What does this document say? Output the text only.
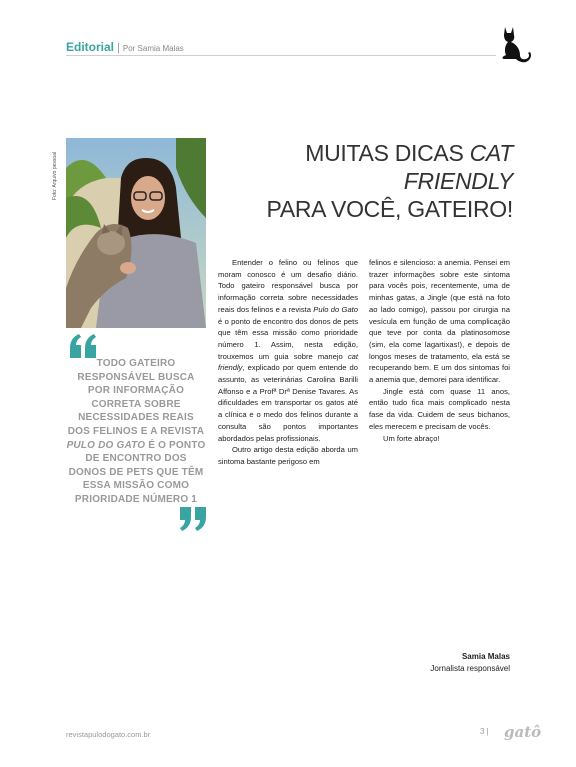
Editorial | Por Samia Malas
Foto: Arquivo pessoal	MUITAS DICAS CAT FRIENDLY
PARA VOCÊ, GATEIRO!
TODO GATEIRO RESPONSÁVEL BUSCA POR INFORMAÇÃO CORRETA SOBRE NECESSIDADES REAIS DOS FELINOS E A REVISTA PULO DO GATO É O PONTO DE ENCONTRO DOS DONOS DE PETS QUE TÊM ESSA MISSÃO COMO PRIORIDADE NÚMERO 1

Entender o felino ou felinos que moram conosco é um desafio diário. Todo gateiro responsável busca por informação correta sobre necessidades reais dos felinos e a revista Pulo do Gato é o ponto de encontro dos donos de pets que têm essa missão como prioridade número 1. Assim, nesta edição, trouxemos um guia sobre manejo cat friendly, explicado por quem entende do assunto, as veterinárias Carolina Barilli Affonso e a Profª Drª Denise Tavares. As dificuldades em transportar os gatos até a clínica e o medo dos felinos durante a consulta são pontos importantes abordados pelas profissionais.

Outro artigo desta edição aborda um sintoma bastante perigoso em

felinos e silencioso: a anemia. Pensei em trazer informações sobre este sintoma para vocês pois, recentemente, uma de minhas gatas, a Jingle (que está na foto ao lado comigo), passou por cirurgia na vesícula em função de uma complicação que teve por conta da platinosomose (sim, ela come lagartixas!), e depois de longos meses de tratamento, ela está se recuperando bem. E um dos sintomas foi a anemia que, demorei para identificar.

Jingle está com quase 11 anos, então tudo fica mais complicado nesta fase da vida. Cuidem de seus bichanos, eles merecem e precisam de vocês.

Um forte abraço!

Samia Malas
Jornalista responsável
revistapulodogato.com.br	3 | gatô
